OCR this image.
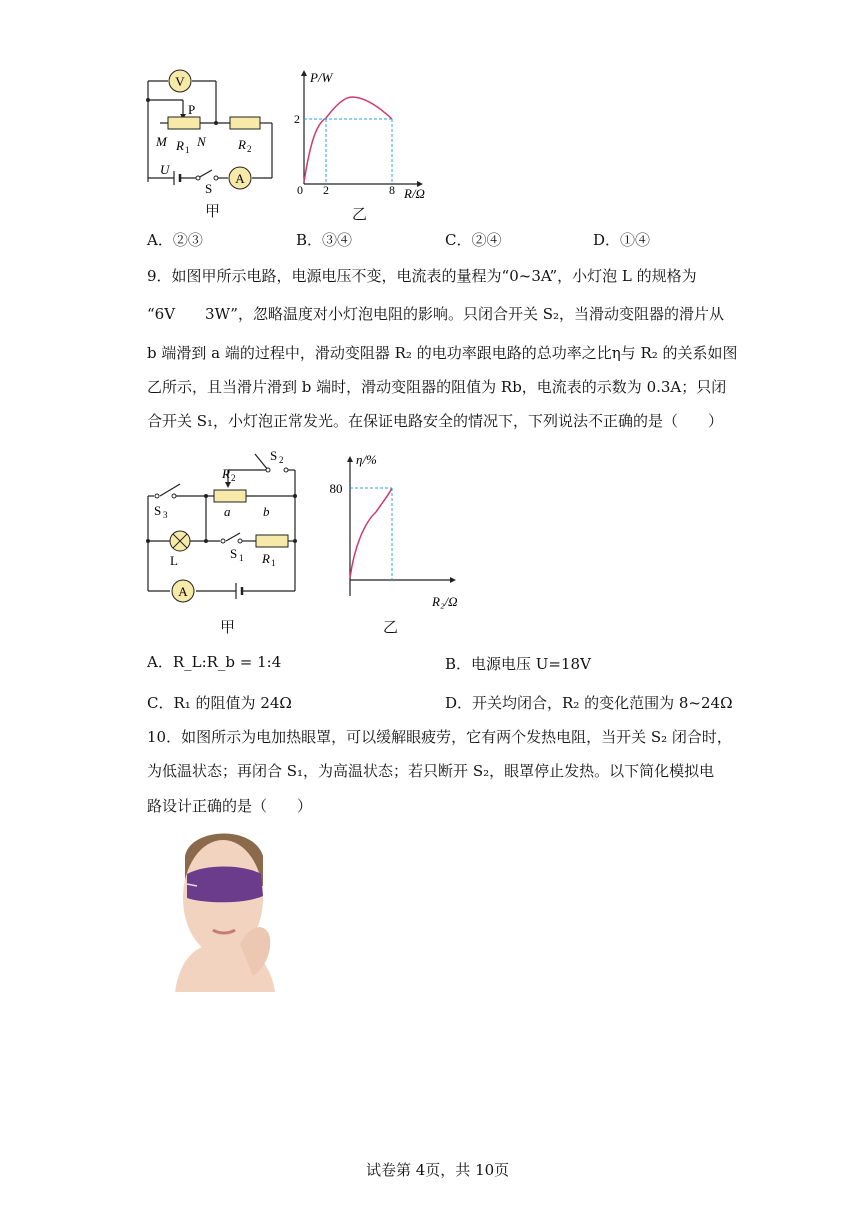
V
A
P
M N
R 1	R 2
U
S
甲
P/W
R/Ω
0 2	8
2
乙
A．②③	B．③④	C．②④	D．①④
9．如图甲所示电路，电源电压不变，电流表的量程为“0~3A”，小灯泡 L 的规格为
“6V　　3W”，忽略温度对小灯泡电阻的影响。只闭合开关 S₂，当滑动变阻器的滑片从
b 端滑到 a 端的过程中，滑动变阻器 R₂ 的电功率跟电路的总功率之比η与 R₂ 的关系如图
乙所示，且当滑片滑到 b 端时，滑动变阻器的阻值为 Rb，电流表的示数为 0.3A；只闭
合开关 S₁，小灯泡正常发光。在保证电路安全的情况下，下列说法不正确的是（　　）
R 2
S 2
S 3	a	b
L	S 1 R 1
A
甲
η/%
R₂/Ω
80
乙
A．R_L:R_b = 1:4	B．电源电压 U=18V
C．R₁ 的阻值为 24Ω	D．开关均闭合，R₂ 的变化范围为 8~24Ω
10．如图所示为电加热眼罩，可以缓解眼疲劳，它有两个发热电阻，当开关 S₂ 闭合时，
为低温状态；再闭合 S₁，为高温状态；若只断开 S₂，眼罩停止发热。以下简化模拟电
路设计正确的是（　　）
试卷第 4页，共 10页
